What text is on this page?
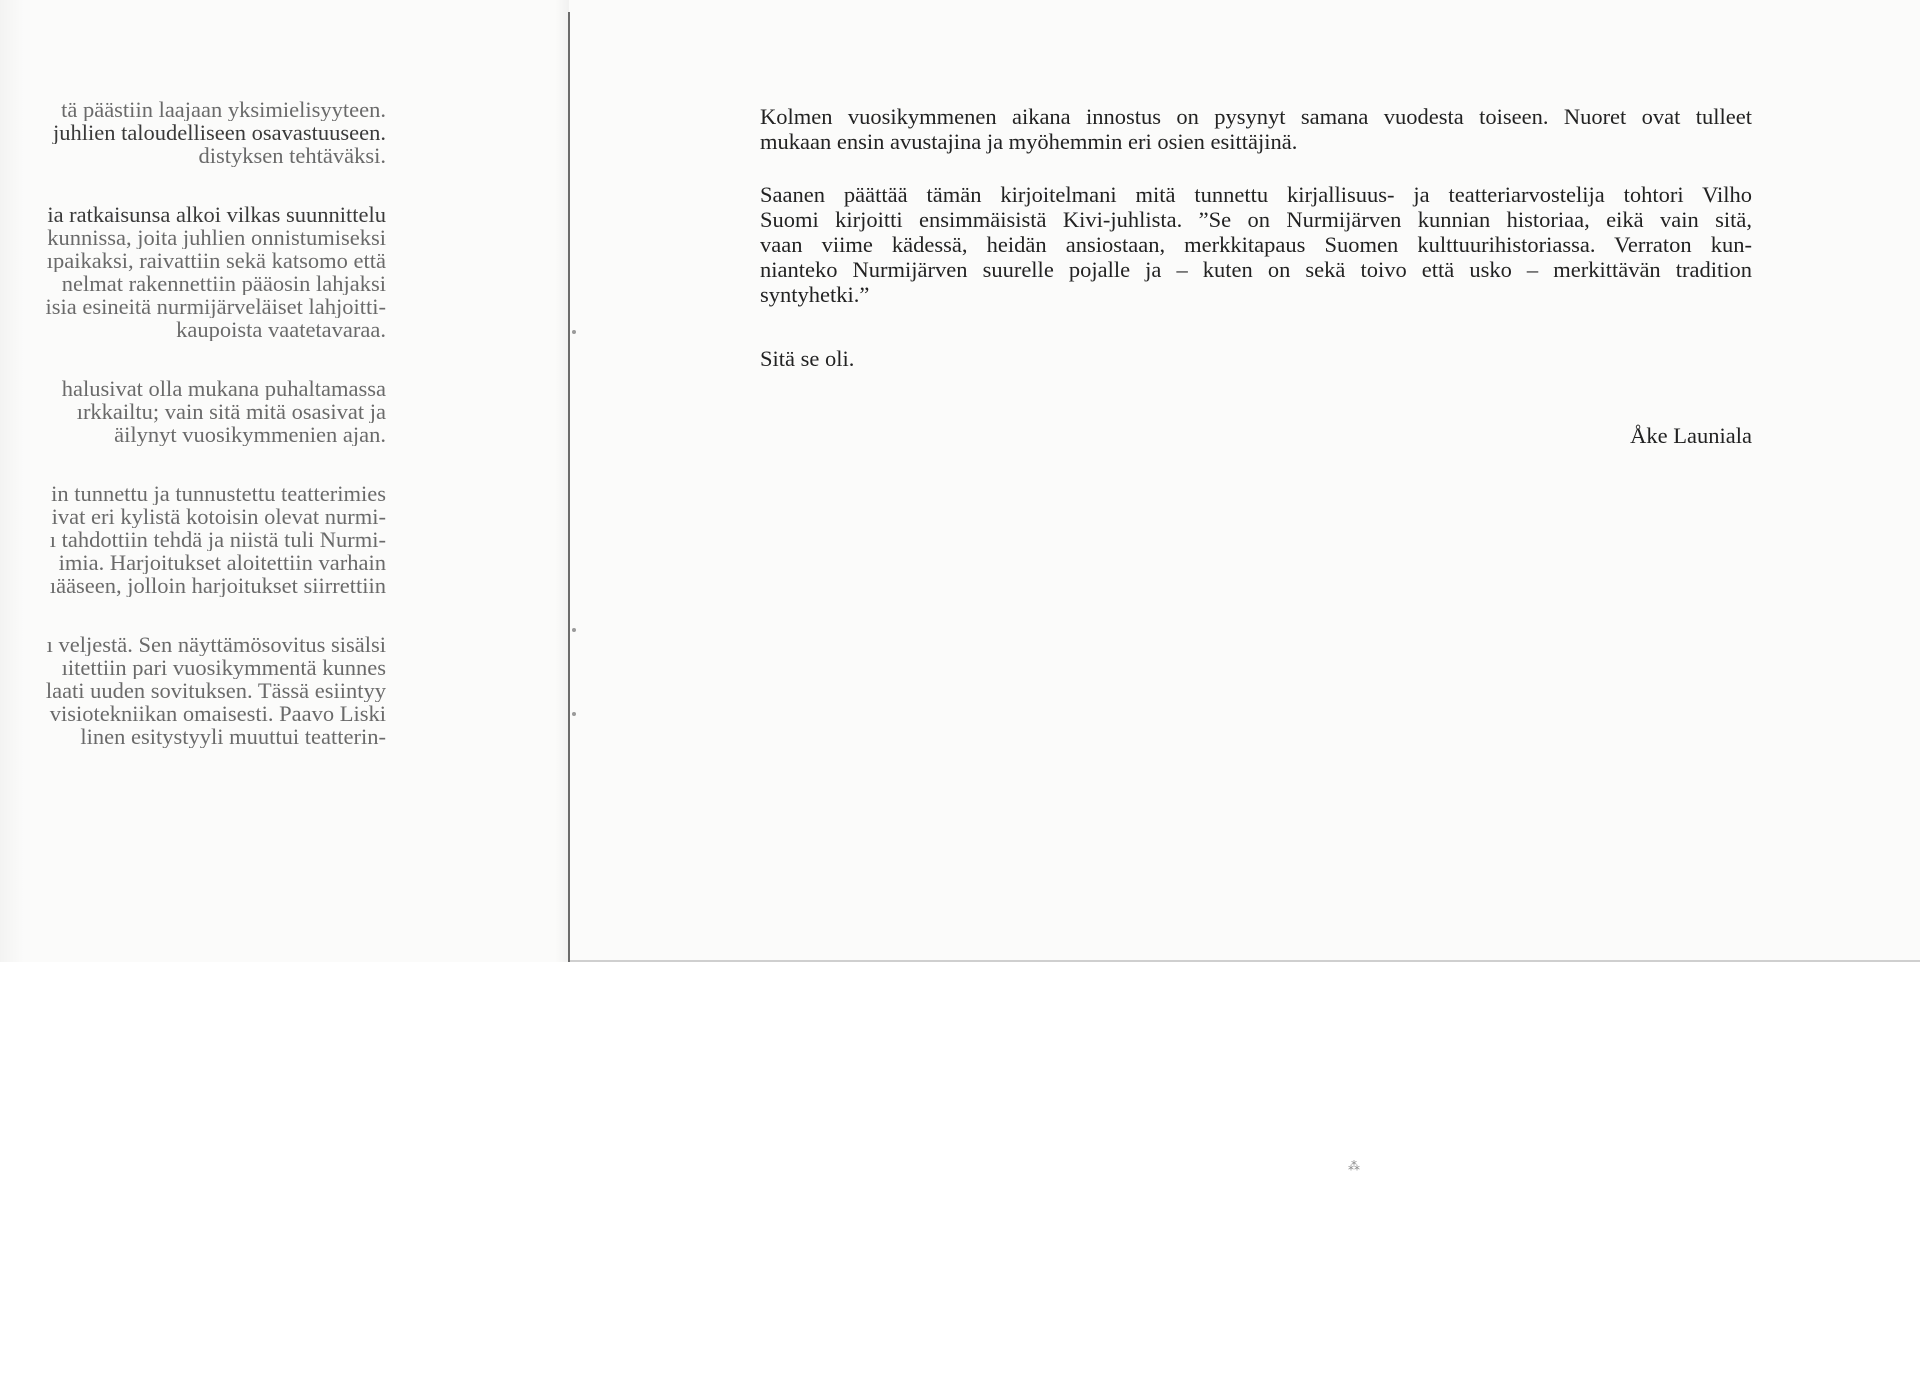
tä päästiin laajaan yksimielisyyteen.
juhlien taloudelliseen osavastuuseen.
distyksen tehtäväksi.
ia ratkaisunsa alkoi vilkas suunnittelu
kunnissa, joita juhlien onnistumiseksi
ıpaikaksi, raivattiin sekä katsomo että
nelmat rakennettiin pääosin lahjaksi
isia esineitä nurmijärveläiset lahjoitti-
kaupoista vaatetavaraa.
halusivat olla mukana puhaltamassa
ırkkailtu; vain sitä mitä osasivat ja
äilynyt vuosikymmenien ajan.
in tunnettu ja tunnustettu teatterimies
ivat eri kylistä kotoisin olevat nurmi-
ı tahdottiin tehdä ja niistä tuli Nurmi-
imia. Harjoitukset aloitettiin varhain
ıääseen, jolloin harjoitukset siirrettiin
ı veljestä. Sen näyttämösovitus sisälsi
ıitettiin pari vuosikymmentä kunnes
laati uuden sovituksen. Tässä esiintyy
visiotekniikan omaisesti. Paavo Liski
linen esitystyyli muuttui teatterin-
Kolmen vuosikymmenen aikana innostus on pysynyt samana vuodesta toiseen. Nuoret ovat tulleet
mukaan ensin avustajina ja myöhemmin eri osien esittäjinä.
Saanen päättää tämän kirjoitelmani mitä tunnettu kirjallisuus- ja teatteriarvostelija tohtori Vilho
Suomi kirjoitti ensimmäisistä Kivi-juhlista. ”Se on Nurmijärven kunnian historiaa, eikä vain sitä,
vaan viime kädessä, heidän ansiostaan, merkkitapaus Suomen kulttuurihistoriassa. Verraton kun-
nianteko Nurmijärven suurelle pojalle ja – kuten on sekä toivo että usko – merkittävän tradition
syntyhetki.”
Sitä se oli.
Åke Launiala
⁂
